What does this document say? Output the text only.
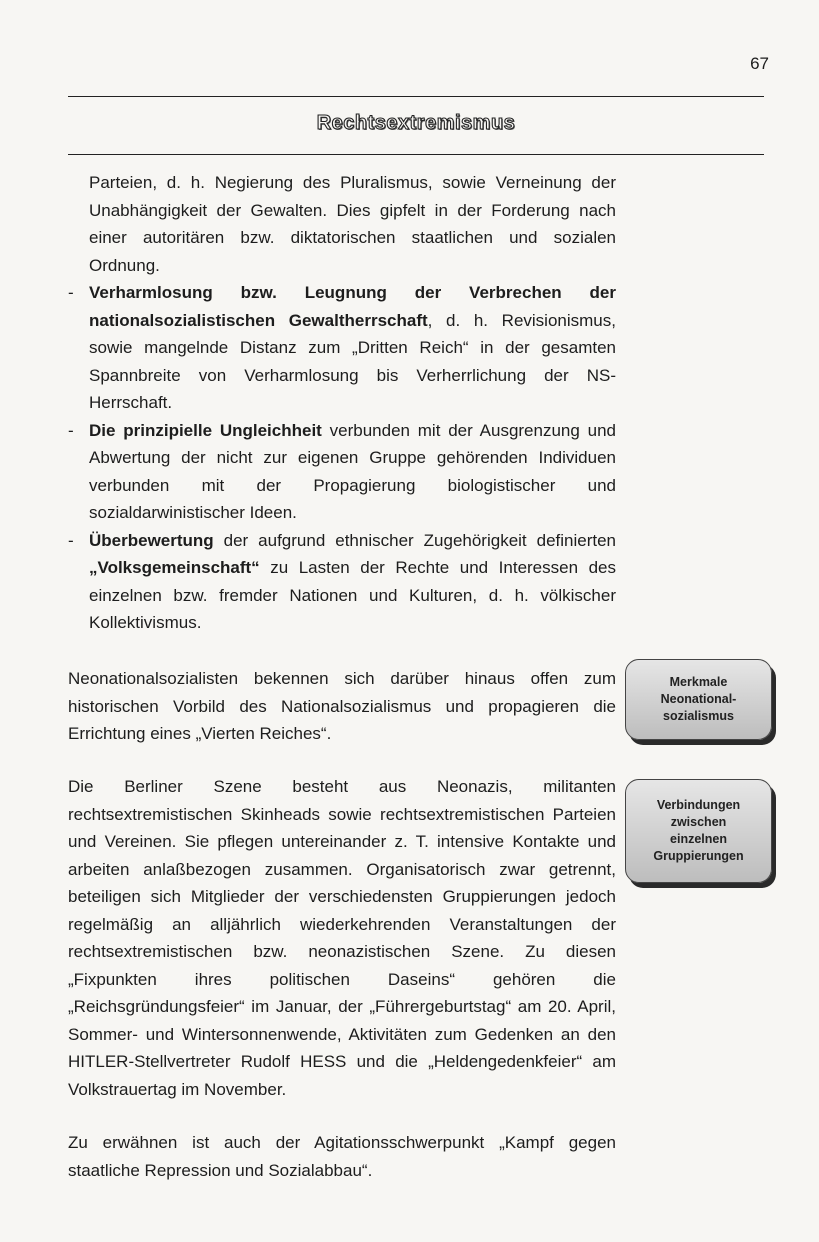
67
Rechtsextremismus
Parteien, d. h. Negierung des Pluralismus, sowie Verneinung der Unabhängigkeit der Gewalten. Dies gipfelt in der Forderung nach einer autoritären bzw. diktatorischen staatlichen und sozialen Ordnung.
- Verharmlosung bzw. Leugnung der Verbrechen der nationalsozialistischen Gewaltherrschaft, d. h. Revisionismus, sowie mangelnde Distanz zum „Dritten Reich“ in der gesamten Spannbreite von Verharmlosung bis Verherrlichung der NS-Herrschaft.
- Die prinzipielle Ungleichheit verbunden mit der Ausgrenzung und Abwertung der nicht zur eigenen Gruppe gehörenden Individuen verbunden mit der Propagierung biologistischer und sozialdarwinistischer Ideen.
- Überbewertung der aufgrund ethnischer Zugehörigkeit definierten „Volksgemeinschaft“ zu Lasten der Rechte und Interessen des einzelnen bzw. fremder Nationen und Kulturen, d. h. völkischer Kollektivismus.

Neonationalsozialisten bekennen sich darüber hinaus offen zum historischen Vorbild des Nationalsozialismus und propagieren die Errichtung eines „Vierten Reiches“.

Merkmale
Neonational-
sozialismus

Die Berliner Szene besteht aus Neonazis, militanten rechtsextremistischen Skinheads sowie rechtsextremistischen Parteien und Vereinen. Sie pflegen untereinander z. T. intensive Kontakte und arbeiten anlaßbezogen zusammen. Organisatorisch zwar getrennt, beteiligen sich Mitglieder der verschiedensten Gruppierungen jedoch regelmäßig an alljährlich wiederkehrenden Veranstaltungen der rechtsextremistischen bzw. neonazistischen Szene. Zu diesen „Fixpunkten ihres politischen Daseins“ gehören die „Reichsgründungsfeier“ im Januar, der „Führergeburtstag“ am 20. April, Sommer- und Wintersonnenwende, Aktivitäten zum Gedenken an den HITLER-Stellvertreter Rudolf HESS und die „Heldengedenkfeier“ am Volkstrauertag im November.

Verbindungen
zwischen
einzelnen
Gruppierungen

Zu erwähnen ist auch der Agitationsschwerpunkt „Kampf gegen staatliche Repression und Sozialabbau“.
